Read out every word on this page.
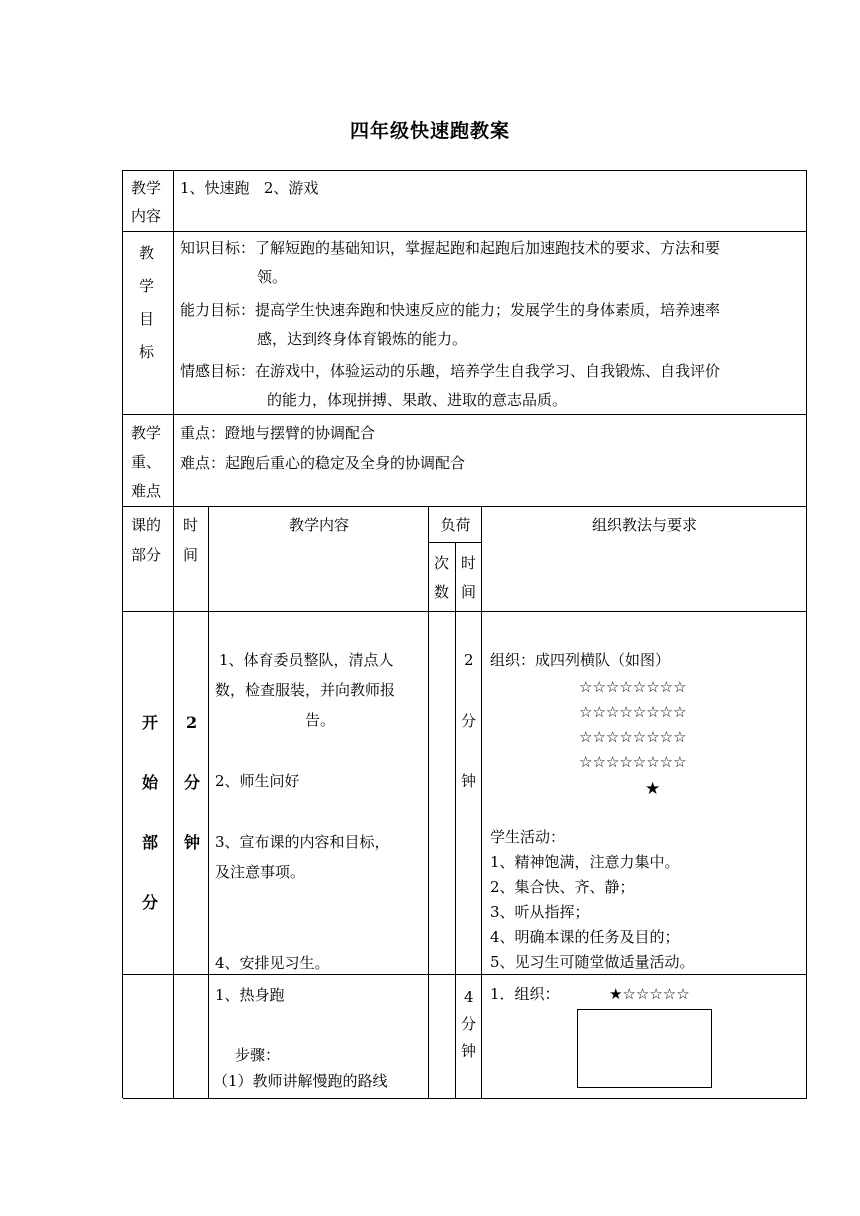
四年级快速跑教案
教学
内容
1、快速跑   2、游戏
教
学
目
标
知识目标：了解短跑的基础知识，掌握起跑和起跑后加速跑技术的要求、方法和要
领。
能力目标：提高学生快速奔跑和快速反应的能力；发展学生的身体素质，培养速率
感，达到终身体育锻炼的能力。
情感目标：在游戏中，体验运动的乐趣，培养学生自我学习、自我锻炼、自我评价
的能力，体现拼搏、果敢、进取的意志品质。
教学
重、
难点
重点：蹬地与摆臂的协调配合
难点：起跑后重心的稳定及全身的协调配合
课的
部分
时
间
教学内容	负荷
次
数
时
间
组织教法与要求
开
始
部
分
2
分
钟
1、体育委员整队，清点人
数，检查服装，并向教师报
告。
2、师生问好
3、宣布课的内容和目标，
及注意事项。
4、安排见习生。
2
分
钟
组织：成四列横队（如图）
☆☆☆☆☆☆☆☆
☆☆☆☆☆☆☆☆
☆☆☆☆☆☆☆☆
☆☆☆☆☆☆☆☆
★
学生活动：
1、精神饱满，注意力集中。
2、集合快、齐、静；
3、听从指挥；
4、明确本课的任务及目的；
5、见习生可随堂做适量活动。
1、热身跑
步骤：
（1）教师讲解慢跑的路线
4
分
钟
1．组织：	★☆☆☆☆☆
